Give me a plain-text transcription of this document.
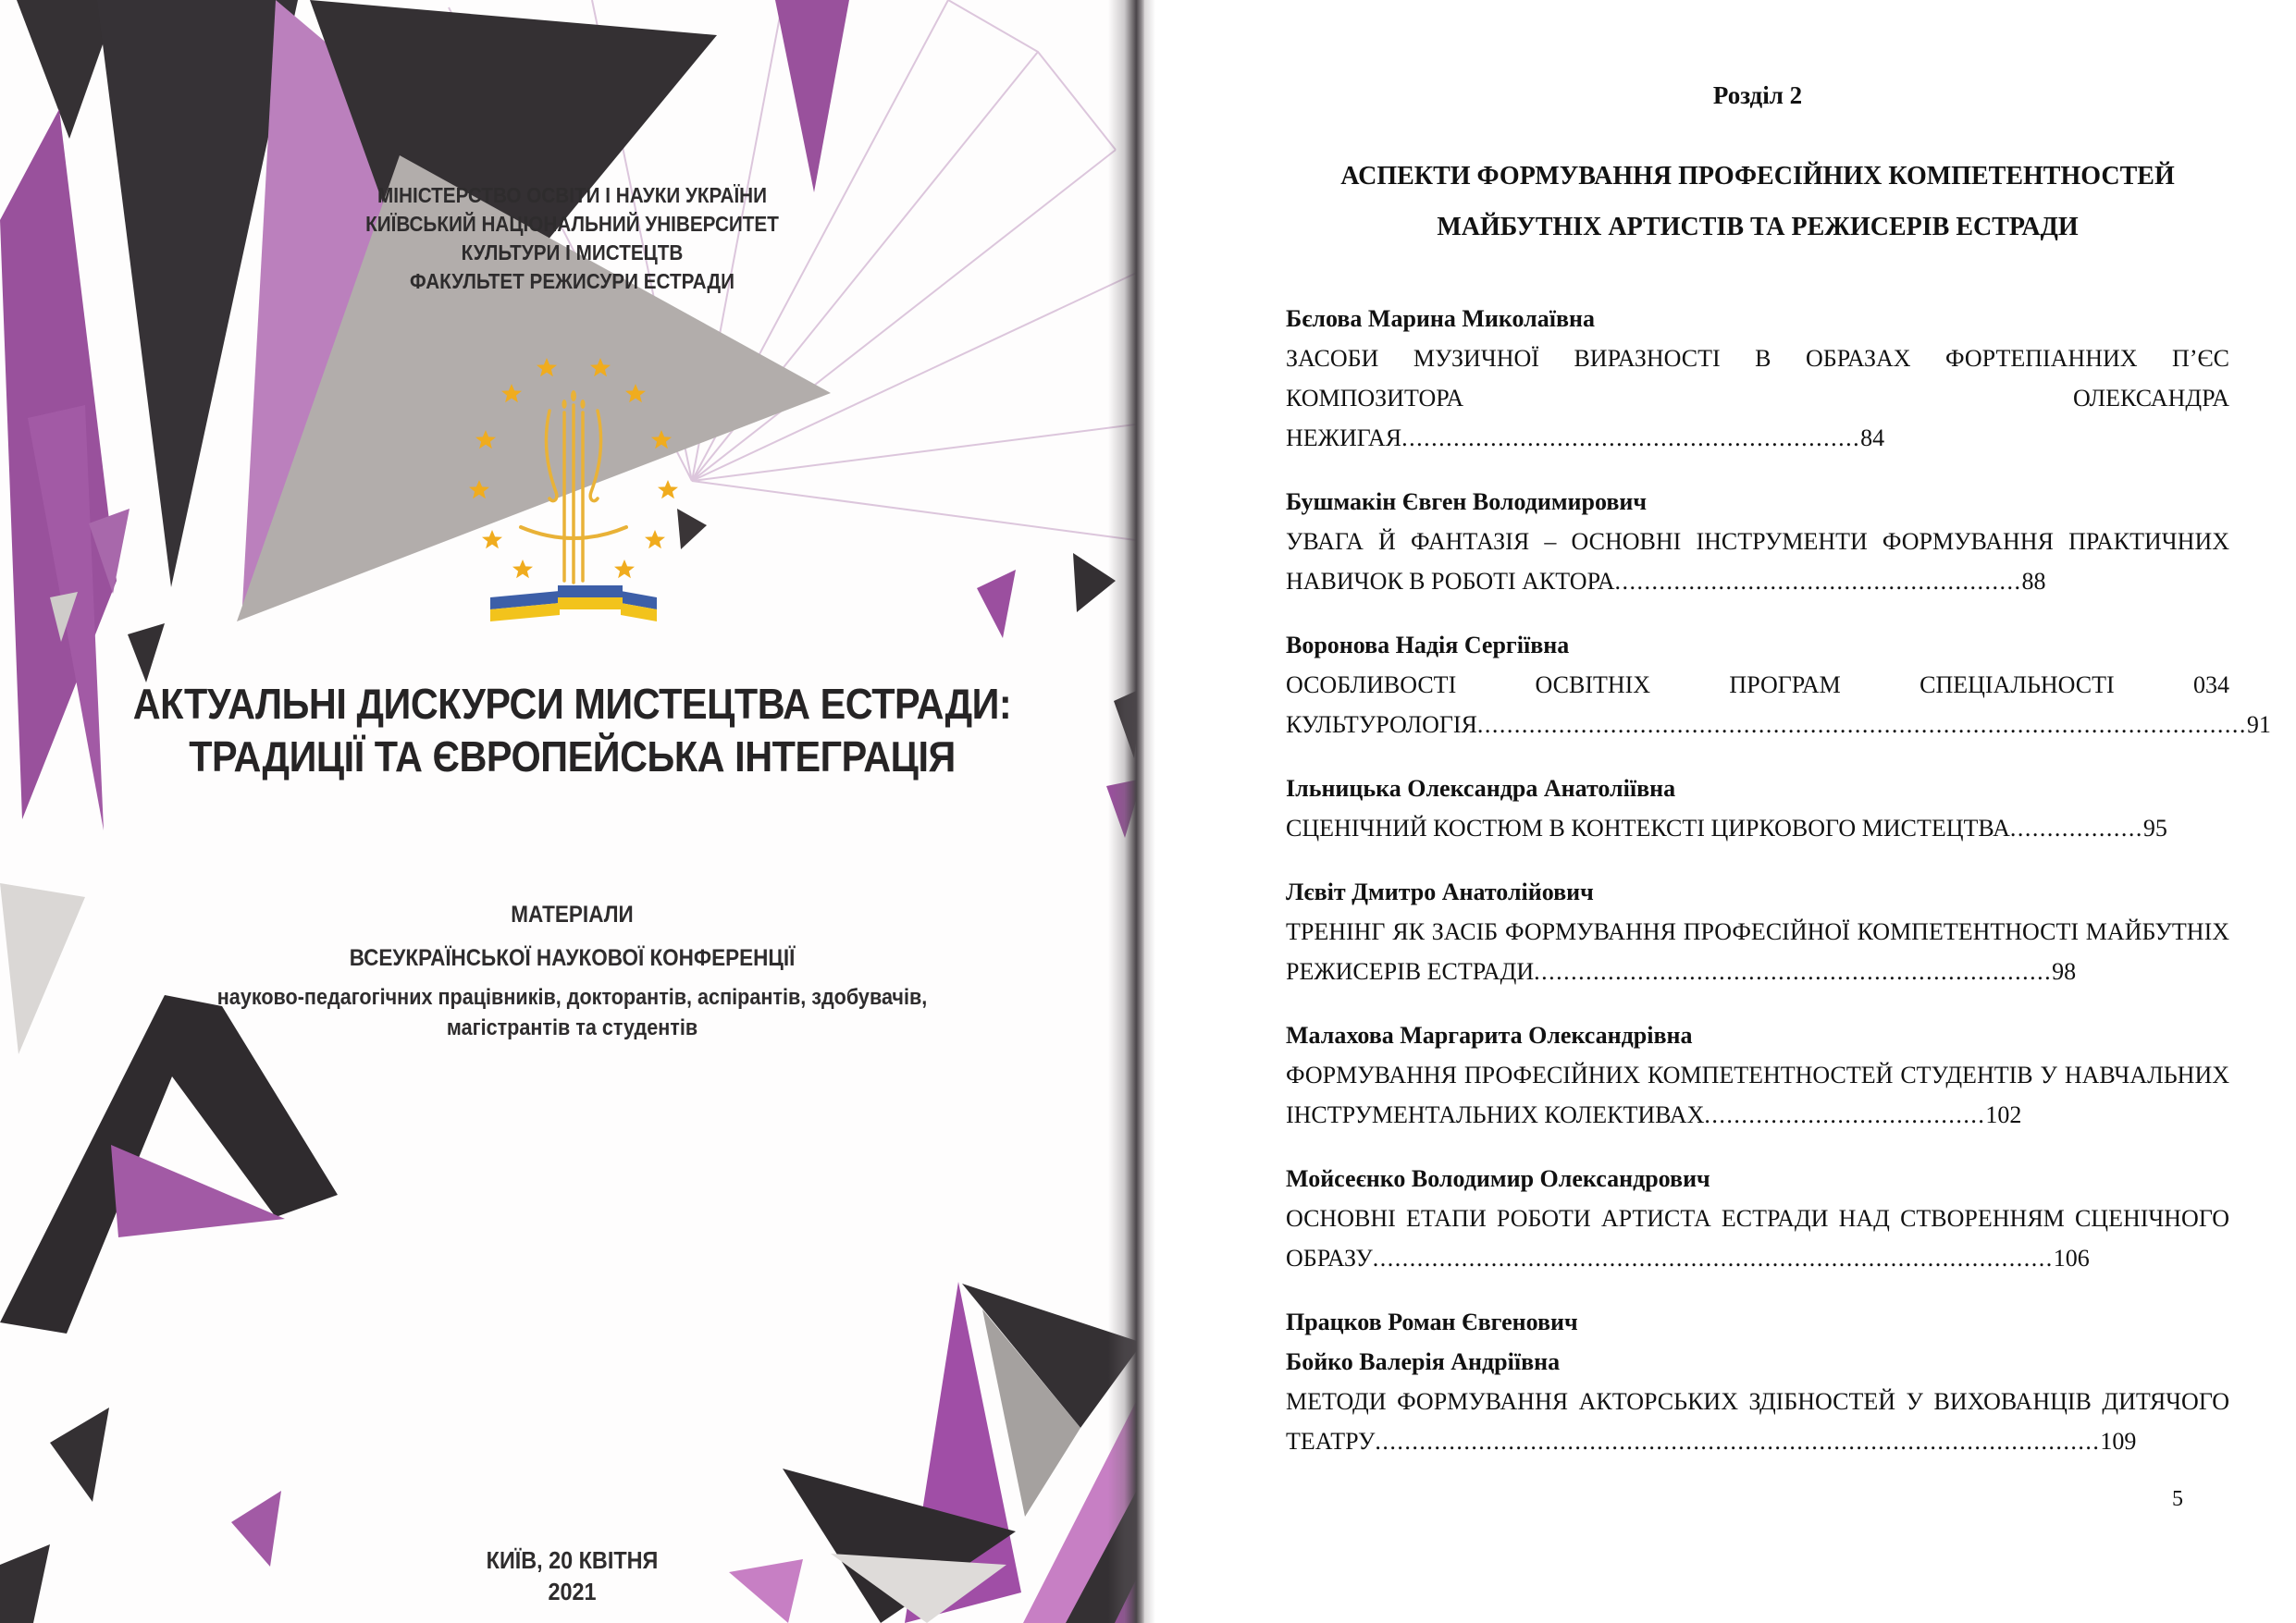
МІНІСТЕРСТВО ОСВІТИ І НАУКИ УКРАЇНИ
КИЇВСЬКИЙ НАЦІОНАЛЬНИЙ УНІВЕРСИТЕТ
КУЛЬТУРИ І МИСТЕЦТВ
ФАКУЛЬТЕТ РЕЖИСУРИ ЕСТРАДИ
АКТУАЛЬНІ ДИСКУРСИ МИСТЕЦТВА ЕСТРАДИ:
ТРАДИЦІЇ ТА ЄВРОПЕЙСЬКА ІНТЕГРАЦІЯ
МАТЕРІАЛИ
ВСЕУКРАЇНСЬКОЇ НАУКОВОЇ КОНФЕРЕНЦІЇ
науково-педагогічних працівників, докторантів, аспірантів, здобувачів,
магістрантів та студентів
КИЇВ, 20 КВІТНЯ
2021
Розділ 2
АСПЕКТИ ФОРМУВАННЯ ПРОФЕСІЙНИХ КОМПЕТЕНТНОСТЕЙ
МАЙБУТНІХ АРТИСТІВ ТА РЕЖИСЕРІВ ЕСТРАДИ
Бєлова Марина Миколаївна
ЗАСОБИ МУЗИЧНОЇ ВИРАЗНОСТІ В ОБРАЗАХ ФОРТЕПІАННИХ П’ЄС КОМПОЗИТОРА ОЛЕКСАНДРА НЕЖИГАЯ..............................................................84
Бушмакін Євген Володимирович
УВАГА Й ФАНТАЗІЯ – ОСНОВНІ ІНСТРУМЕНТИ ФОРМУВАННЯ ПРАКТИЧНИХ НАВИЧОК В РОБОТІ АКТОРА.......................................................88
Воронова Надія Сергіївна
ОСОБЛИВОСТІ ОСВІТНІХ ПРОГРАМ СПЕЦІАЛЬНОСТІ 034 КУЛЬТУРОЛОГІЯ........................................................................................................91
Ільницька Олександра Анатоліївна
СЦЕНІЧНИЙ КОСТЮМ В КОНТЕКСТІ ЦИРКОВОГО МИСТЕЦТВА..................95
Лєвіт Дмитро Анатолійович
ТРЕНІНГ ЯК ЗАСІБ ФОРМУВАННЯ ПРОФЕСІЙНОЇ КОМПЕТЕНТНОСТІ МАЙБУТНІХ РЕЖИСЕРІВ ЕСТРАДИ......................................................................98
Малахова Маргарита Олександрівна
ФОРМУВАННЯ ПРОФЕСІЙНИХ КОМПЕТЕНТНОСТЕЙ СТУДЕНТІВ У НАВЧАЛЬНИХ ІНСТРУМЕНТАЛЬНИХ КОЛЕКТИВАХ......................................102
Мойсеєнко Володимир Олександрович
ОСНОВНІ ЕТАПИ РОБОТИ АРТИСТА ЕСТРАДИ НАД СТВОРЕННЯМ СЦЕНІЧНОГО ОБРАЗУ............................................................................................106
Працков Роман Євгенович
Бойко Валерія Андріївна
МЕТОДИ ФОРМУВАННЯ АКТОРСЬКИХ ЗДІБНОСТЕЙ У ВИХОВАНЦІВ ДИТЯЧОГО ТЕАТРУ..................................................................................................109
5
